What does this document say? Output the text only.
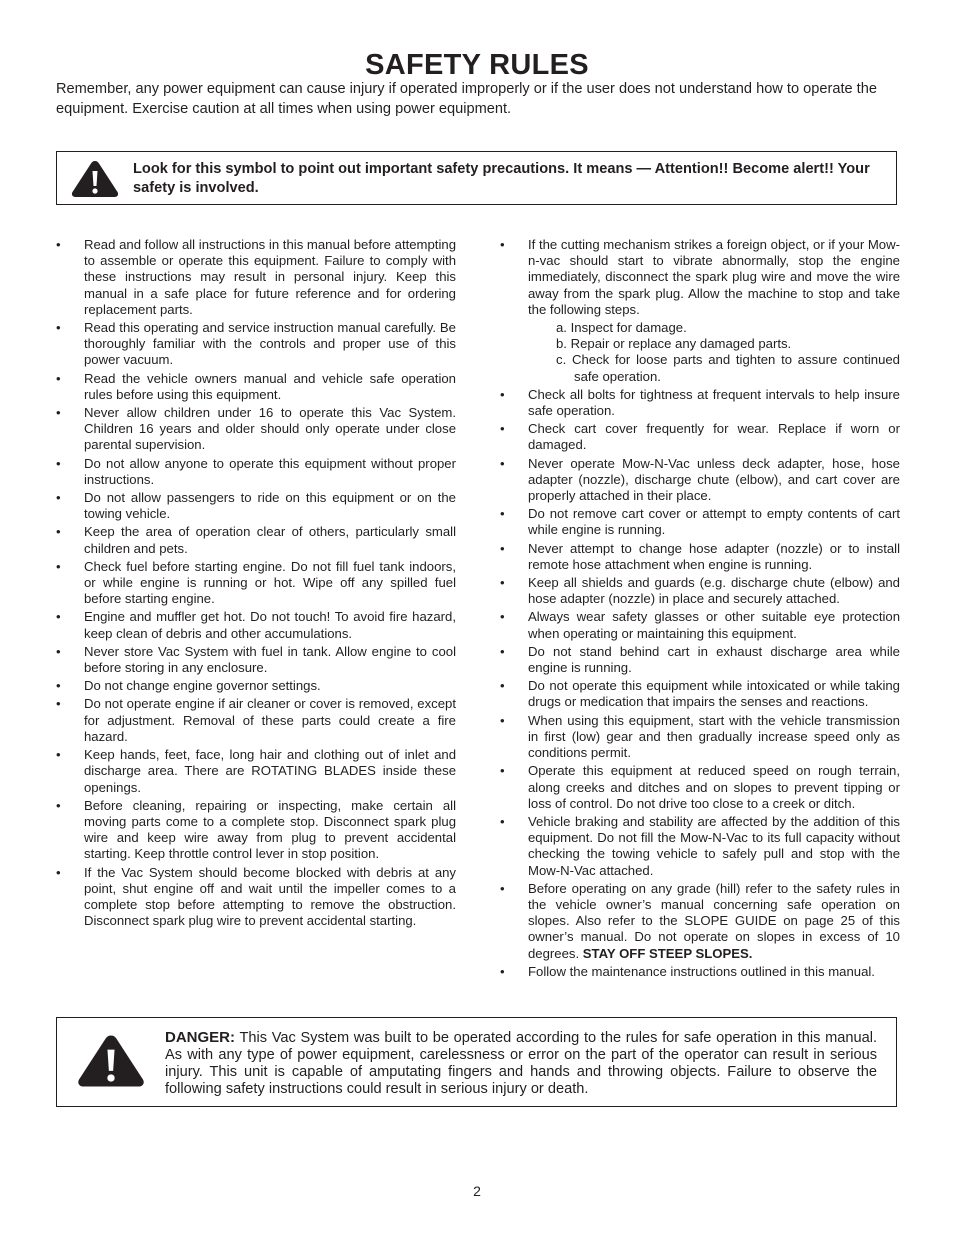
SAFETY RULES
Remember, any power equipment can cause injury if operated improperly or if the user does not understand how to operate the equipment. Exercise caution at all times when using power equipment.
Look for this symbol to point out important safety precautions. It means — Attention!! Become alert!! Your safety is involved.
• Read and follow all instructions in this manual before attempting to assemble or operate this equipment. Failure to comply with these instructions may result in personal injury. Keep this manual in a safe place for future reference and for ordering replacement parts.
• Read this operating and service instruction manual carefully. Be thoroughly familiar with the controls and proper use of this power vacuum.
• Read the vehicle owners manual and vehicle safe operation rules before using this equipment.
• Never allow children under 16 to operate this Vac System. Children 16 years and older should only operate under close parental supervision.
• Do not allow anyone to operate this equipment without proper instructions.
• Do not allow passengers to ride on this equipment or on the towing vehicle.
• Keep the area of operation clear of others, particularly small children and pets.
• Check fuel before starting engine. Do not fill fuel tank indoors, or while engine is running or hot. Wipe off any spilled fuel before starting engine.
• Engine and muffler get hot. Do not touch! To avoid fire hazard, keep clean of debris and other accumulations.
• Never store Vac System with fuel in tank. Allow engine to cool before storing in any enclosure.
• Do not change engine governor settings.
• Do not operate engine if air cleaner or cover is removed, except for adjustment. Removal of these parts could create a fire hazard.
• Keep hands, feet, face, long hair and clothing out of inlet and discharge area. There are ROTATING BLADES inside these openings.
• Before cleaning, repairing or inspecting, make certain all moving parts come to a complete stop. Disconnect spark plug wire and keep wire away from plug to prevent accidental starting. Keep throttle control lever in stop position.
• If the Vac System should become blocked with debris at any point, shut engine off and wait until the impeller comes to a complete stop before attempting to remove the obstruction. Disconnect spark plug wire to prevent accidental starting.
• If the cutting mechanism strikes a foreign object, or if your Mow-n-vac should start to vibrate abnormally, stop the engine immediately, disconnect the spark plug wire and move the wire away from the spark plug. Allow the machine to stop and take the following steps.
a. Inspect for damage.
b. Repair or replace any damaged parts.
c. Check for loose parts and tighten to assure continued safe operation.
• Check all bolts for tightness at frequent intervals to help insure safe operation.
• Check cart cover frequently for wear. Replace if worn or damaged.
• Never operate Mow-N-Vac unless deck adapter, hose, hose adapter (nozzle), discharge chute (elbow), and cart cover are properly attached in their place.
• Do not remove cart cover or attempt to empty contents of cart while engine is running.
• Never attempt to change hose adapter (nozzle) or to install remote hose attachment when engine is running.
• Keep all shields and guards (e.g. discharge chute (elbow) and hose adapter (nozzle) in place and securely attached.
• Always wear safety glasses or other suitable eye protection when operating or maintaining this equipment.
• Do not stand behind cart in exhaust discharge area while engine is running.
• Do not operate this equipment while intoxicated or while taking drugs or medication that impairs the senses and reactions.
• When using this equipment, start with the vehicle transmission in first (low) gear and then gradually increase speed only as conditions permit.
• Operate this equipment at reduced speed on rough terrain, along creeks and ditches and on slopes to prevent tipping or loss of control. Do not drive too close to a creek or ditch.
• Vehicle braking and stability are affected by the addition of this equipment. Do not fill the Mow-N-Vac to its full capacity without checking the towing vehicle to safely pull and stop with the Mow-N-Vac attached.
• Before operating on any grade (hill) refer to the safety rules in the vehicle owner’s manual concerning safe operation on slopes. Also refer to the SLOPE GUIDE on page 25 of this owner’s manual. Do not operate on slopes in excess of 10 degrees. STAY OFF STEEP SLOPES.
• Follow the maintenance instructions outlined in this manual.
DANGER: This Vac System was built to be operated according to the rules for safe operation in this manual. As with any type of power equipment, carelessness or error on the part of the operator can result in serious injury. This unit is capable of amputating fingers and hands and throwing objects. Failure to observe the following safety instructions could result in serious injury or death.
2
